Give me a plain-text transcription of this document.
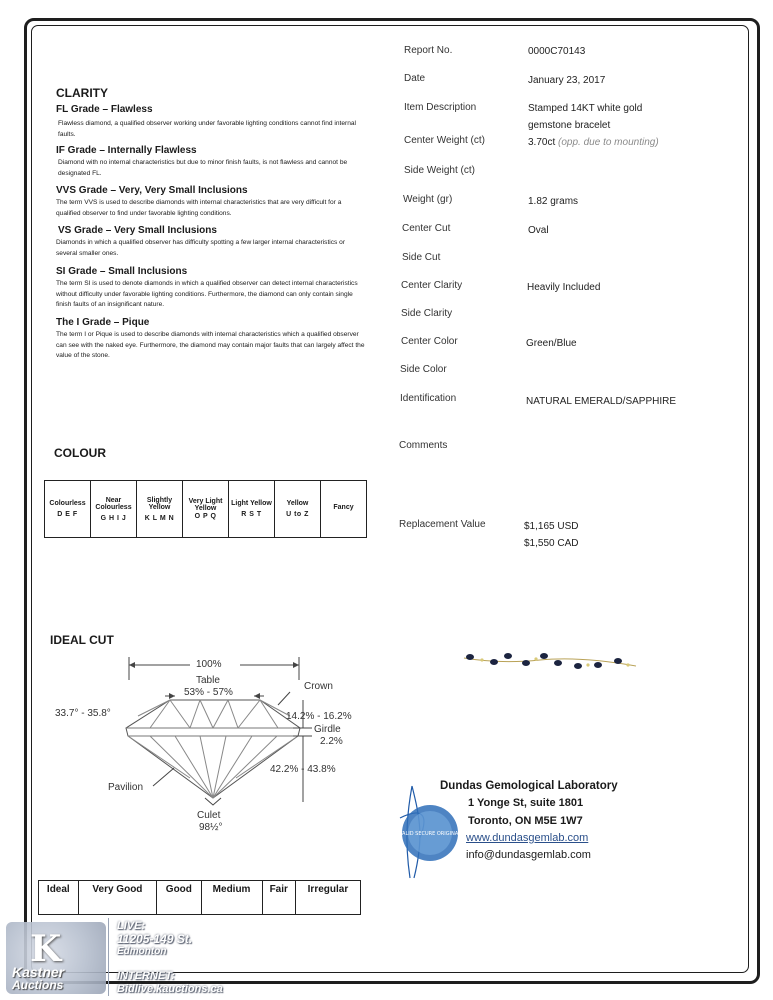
CLARITY
FL Grade – Flawless
Flawless diamond, a qualified observer working under favorable lighting conditions cannot find internal faults.
IF Grade – Internally Flawless
Diamond with no internal characteristics but due to minor finish faults, is not flawless and cannot be designated FL.
VVS Grade – Very, Very Small Inclusions
The term VVS is used to describe diamonds with internal characteristics that are very difficult for a qualified observer to find under favorable lighting conditions.
VS Grade – Very Small Inclusions
Diamonds in which a qualified observer has difficulty spotting a few larger internal characteristics or several smaller ones.
SI Grade – Small Inclusions
The term SI is used to denote diamonds in which a qualified observer can detect internal characteristics without difficulty under favorable lighting conditions. Furthermore, the diamond can only contain single finish faults of an insignificant nature.
The I Grade – Pique
The term I or Pique is used to describe diamonds with internal characteristics which a qualified observer can see with the naked eye. Furthermore, the diamond may contain major faults that can largely affect the value of the stone.
Report No.	0000C70143
Date	January 23, 2017
Item Description	Stamped 14KT white gold
gemstone bracelet
Center Weight (ct)	3.70ct (opp. due to mounting)
Side Weight (ct)
Weight (gr)	1.82 grams
Center Cut	Oval
Side Cut
Center Clarity	Heavily Included
Side Clarity
Center Color	Green/Blue
Side Color
Identification	NATURAL EMERALD/SAPPHIRE
Comments
Replacement Value	$1,165 USD
$1,550 CAD
COLOUR
Colourless
D E F
	Near Colourless
G H I J
	Slightly Yellow
K L M N
	Very Light Yellow
O P Q
	Light Yellow
R S T
	Yellow
U to Z
	Fancy
IDEAL CUT
100%
Table
53% - 57%
Crown
33.7° - 35.8°	14.2% - 16.2%
Girdle
2.2%
42.2% - 43.8%
Pavilion
Culet
98½°
Ideal	Very Good	Good	Medium	Fair	Irregular
VALID SECURE ORIGINAL
Dundas Gemological Laboratory
1 Yonge St, suite 1801
Toronto, ON M5E 1W7
www.dundasgemlab.com
info@dundasgemlab.com
K
Kastner
Auctions
LIVE:
11205-149 St.
Edmonton
INTERNET:
Bidlive.kauctions.ca
